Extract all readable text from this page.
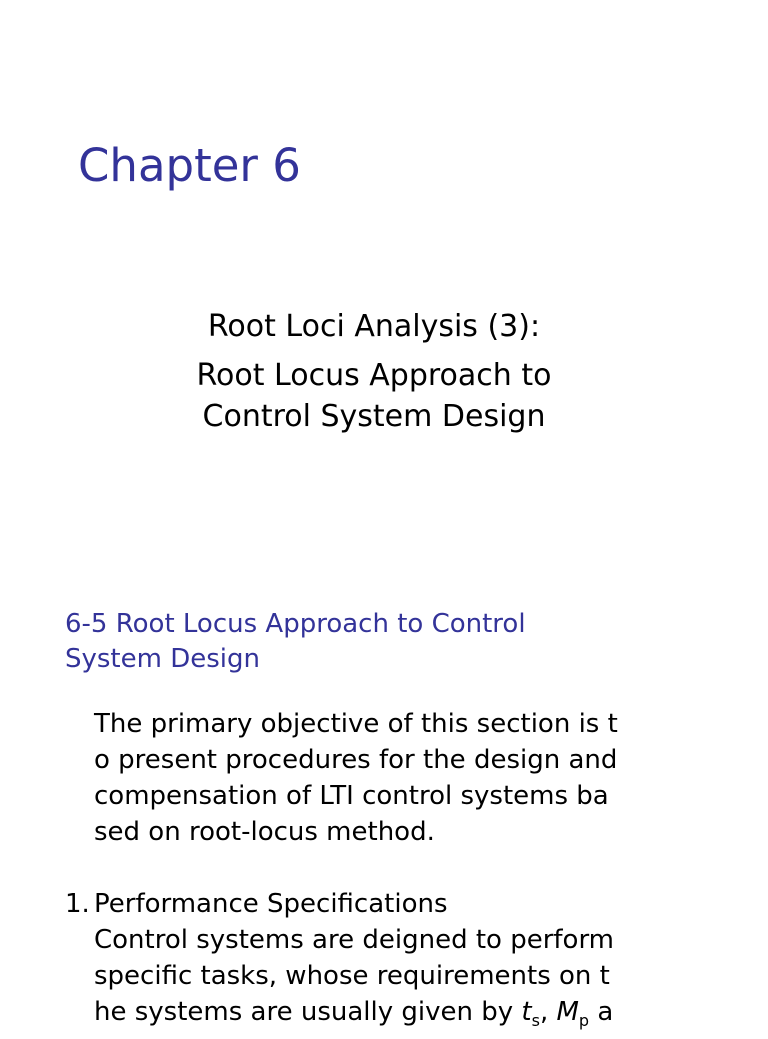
Chapter 6
Root Loci Analysis (3):
Root Locus Approach to
Control System Design
6-5 Root Locus Approach to Control
System Design
The primary objective of this section is t
o present procedures for the design and
compensation of LTI control systems ba
sed on root-locus method.
1. Performance Specifications
Control systems are deigned to perform
specific tasks, whose requirements on t
he systems are usually given by $t_s$, $M_p$ a
